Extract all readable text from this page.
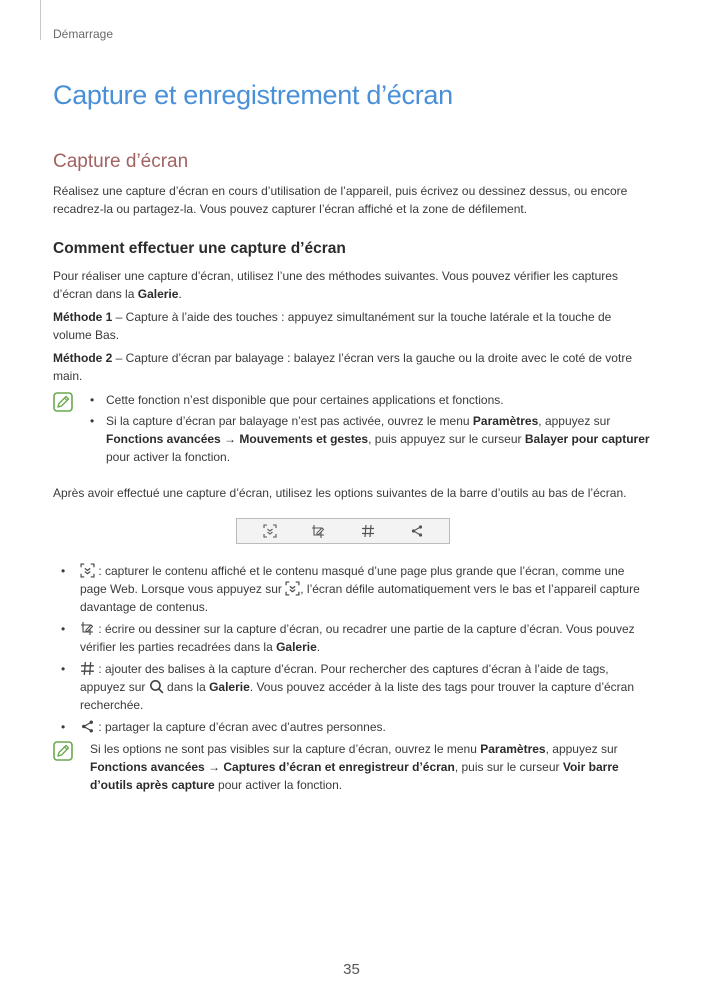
Démarrage
Capture et enregistrement d’écran
Capture d’écran

Réalisez une capture d’écran en cours d’utilisation de l’appareil, puis écrivez ou dessinez dessus, ou encore recadrez-la ou partagez-la. Vous pouvez capturer l’écran affiché et la zone de défilement.

Comment effectuer une capture d’écran

Pour réaliser une capture d’écran, utilisez l’une des méthodes suivantes. Vous pouvez vérifier les captures d’écran dans la Galerie.

Méthode 1 – Capture à l’aide des touches : appuyez simultanément sur la touche latérale et la touche de volume Bas.

Méthode 2 – Capture d’écran par balayage : balayez l’écran vers la gauche ou la droite avec le coté de votre main.

• Cette fonction n’est disponible que pour certaines applications et fonctions.
• Si la capture d’écran par balayage n’est pas activée, ouvrez le menu Paramètres, appuyez sur Fonctions avancées → Mouvements et gestes, puis appuyez sur le curseur Balayer pour capturer pour activer la fonction.

Après avoir effectué une capture d’écran, utilisez les options suivantes de la barre d’outils au bas de l’écran.

• : capturer le contenu affiché et le contenu masqué d’une page plus grande que l’écran, comme une page Web. Lorsque vous appuyez sur , l’écran défile automatiquement vers le bas et l’appareil capture davantage de contenus.
• : écrire ou dessiner sur la capture d’écran, ou recadrer une partie de la capture d’écran. Vous pouvez vérifier les parties recadrées dans la Galerie.
• : ajouter des balises à la capture d’écran. Pour rechercher des captures d’écran à l’aide de tags, appuyez sur  dans la Galerie. Vous pouvez accéder à la liste des tags pour trouver la capture d’écran recherchée.
• : partager la capture d’écran avec d’autres personnes.
Si les options ne sont pas visibles sur la capture d’écran, ouvrez le menu Paramètres, appuyez sur Fonctions avancées → Captures d’écran et enregistreur d’écran, puis sur le curseur Voir barre d’outils après capture pour activer la fonction.
35
